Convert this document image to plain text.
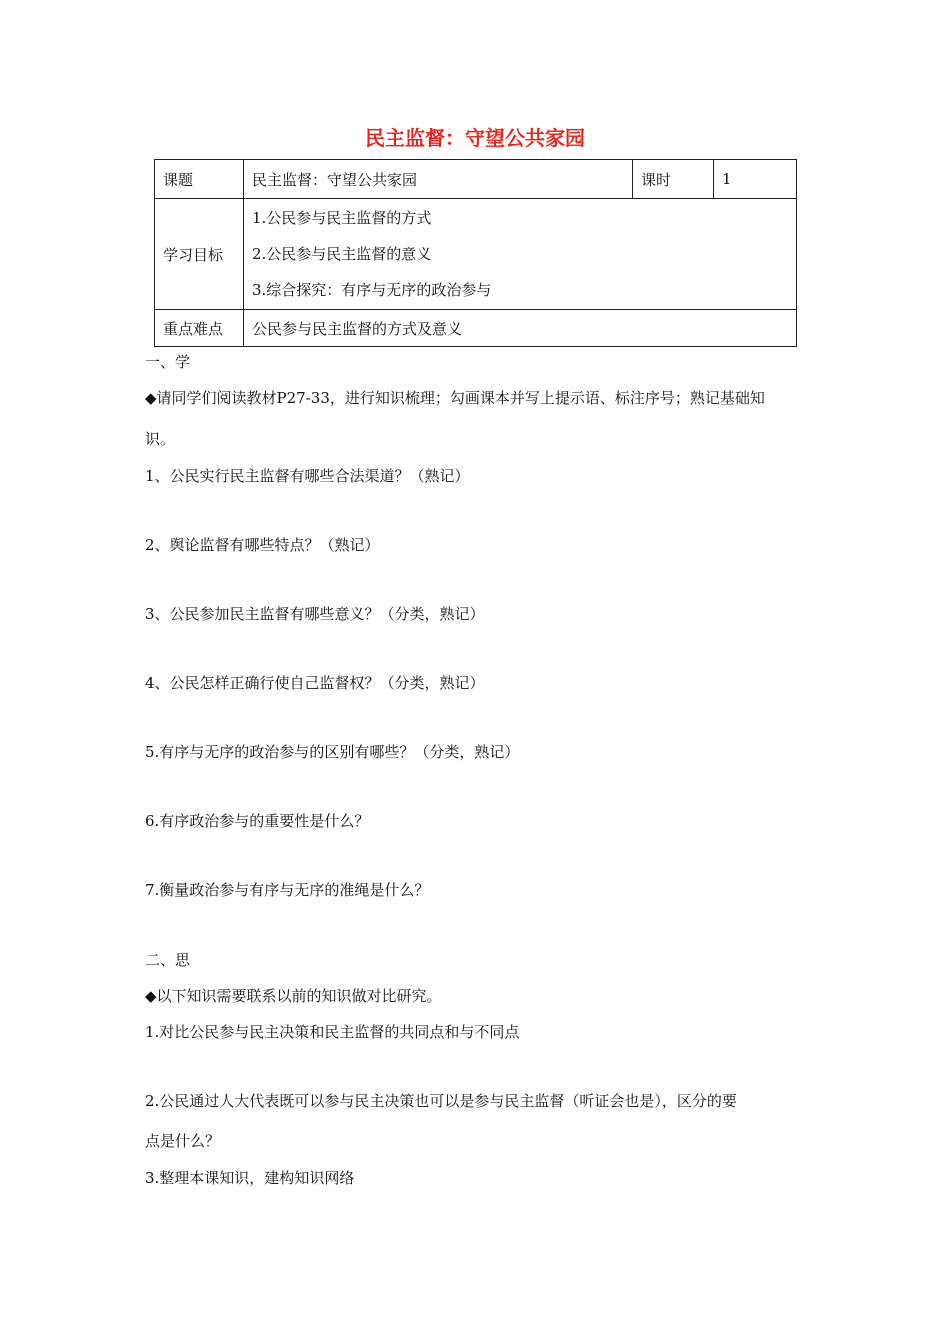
民主监督：守望公共家园
课题	民主监督：守望公共家园	课时	1
学习目标	1.公民参与民主监督的方式
2.公民参与民主监督的意义
3.综合探究：有序与无序的政治参与		

重点难点	公民参与民主监督的方式及意义		
一、学
◆请同学们阅读教材P27-33，进行知识梳理；勾画课本并写上提示语、标注序号；熟记基础知
识。
1、公民实行民主监督有哪些合法渠道？（熟记）
2、舆论监督有哪些特点？（熟记）
3、公民参加民主监督有哪些意义？（分类，熟记）
4、公民怎样正确行使自己监督权？（分类，熟记）
5.有序与无序的政治参与的区别有哪些？（分类，熟记）
6.有序政治参与的重要性是什么？
7.衡量政治参与有序与无序的准绳是什么？
二、思
◆以下知识需要联系以前的知识做对比研究。
1.对比公民参与民主决策和民主监督的共同点和与不同点
2.公民通过人大代表既可以参与民主决策也可以是参与民主监督（听证会也是），区分的要
点是什么？
3.整理本课知识，建构知识网络
